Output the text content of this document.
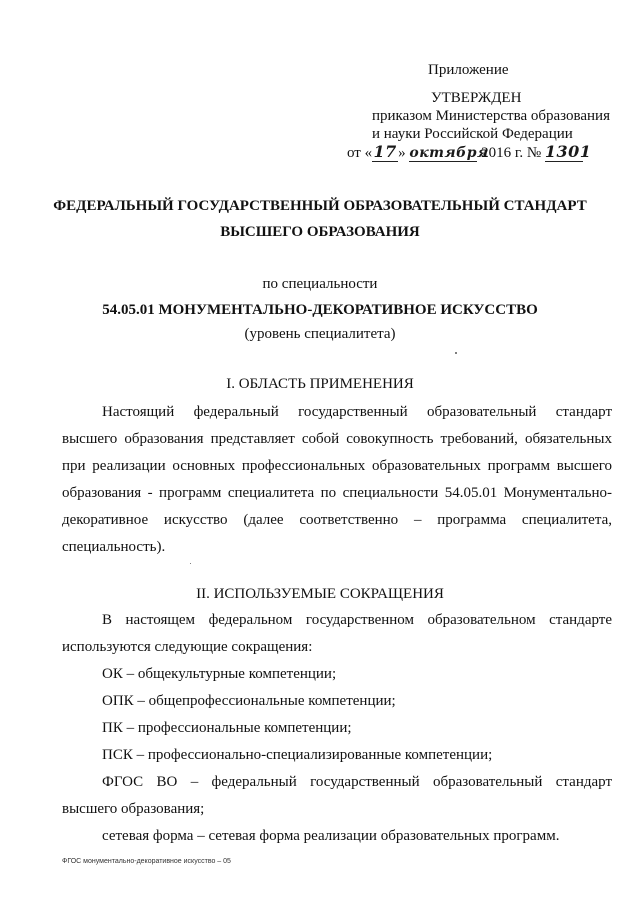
Приложение
УТВЕРЖДЕН
приказом Министерства образования
и науки Российской Федерации
от «17» октября 2016 г. № 1301
ФЕДЕРАЛЬНЫЙ ГОСУДАРСТВЕННЫЙ ОБРАЗОВАТЕЛЬНЫЙ СТАНДАРТ
ВЫСШЕГО ОБРАЗОВАНИЯ
по специальности
54.05.01 МОНУМЕНТАЛЬНО-ДЕКОРАТИВНОЕ ИСКУССТВО
(уровень специалитета)
I. ОБЛАСТЬ ПРИМЕНЕНИЯ
Настоящий федеральный государственный образовательный стандарт
высшего образования представляет собой совокупность требований, обязательных
при реализации основных профессиональных образовательных программ высшего
образования - программ специалитета по специальности 54.05.01 Монументально-
декоративное искусство (далее соответственно – программа специалитета,
специальность).
II. ИСПОЛЬЗУЕМЫЕ СОКРАЩЕНИЯ
В настоящем федеральном государственном образовательном стандарте
используются следующие сокращения:
ОК – общекультурные компетенции;
ОПК – общепрофессиональные компетенции;
ПК – профессиональные компетенции;
ПСК – профессионально-специализированные компетенции;
ФГОС ВО – федеральный государственный образовательный стандарт
высшего образования;
сетевая форма – сетевая форма реализации образовательных программ.
ФГОС монументально-декоративное искусство – 05
